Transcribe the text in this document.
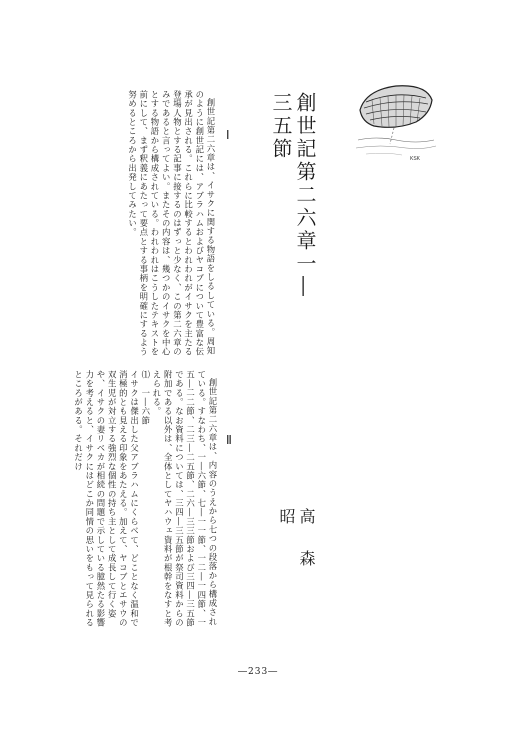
KSK
創世記第二六章一―三五節
高森　昭
Ⅰ
Ⅱ

創世記第二六章は、イサクに関する物語をしるしている。周知のように創世記には、アブラハムおよびヤコブについて豊富な伝承が見出される。これらに比較するとわれわれがイサクを主たる登場人物とする記事に接するのはずっと少なく、この第二六章のみであると言ってよい。またその内容は、幾つかのイサクを中心とする物語から構成されている。われわれはこうしたテキストを前にして、まず釈義にあたって要点とする事柄を明確にするよう努めるところから出発してみたい。

創世記第二六章は、内容のうえから七つの段落から構成されている。すなわち、一―六節、七―一一節、一二―一四節、一五―二二節、二三―二五節、二六―三三節および三四―三五節である。なお資料については、三四―三五節が祭司資料からの附加である以外は、全体としてヤハウェ資料が根幹をなすと考えられる。

⑴　一―六節

イサクは傑出した父アブラハムにくらべて、どことなく温和で消極的とも見える印象をあたえる。加えて、ヤコブとエサウの双生児が対立する強烈な個性の持ち主として成長して行く姿や、イサクの妻リベカが相続の問題で示している臆然たる影響力を考えると、イサクにはどこか同情の思いをもって見られるところがある。それだけ

―233―
